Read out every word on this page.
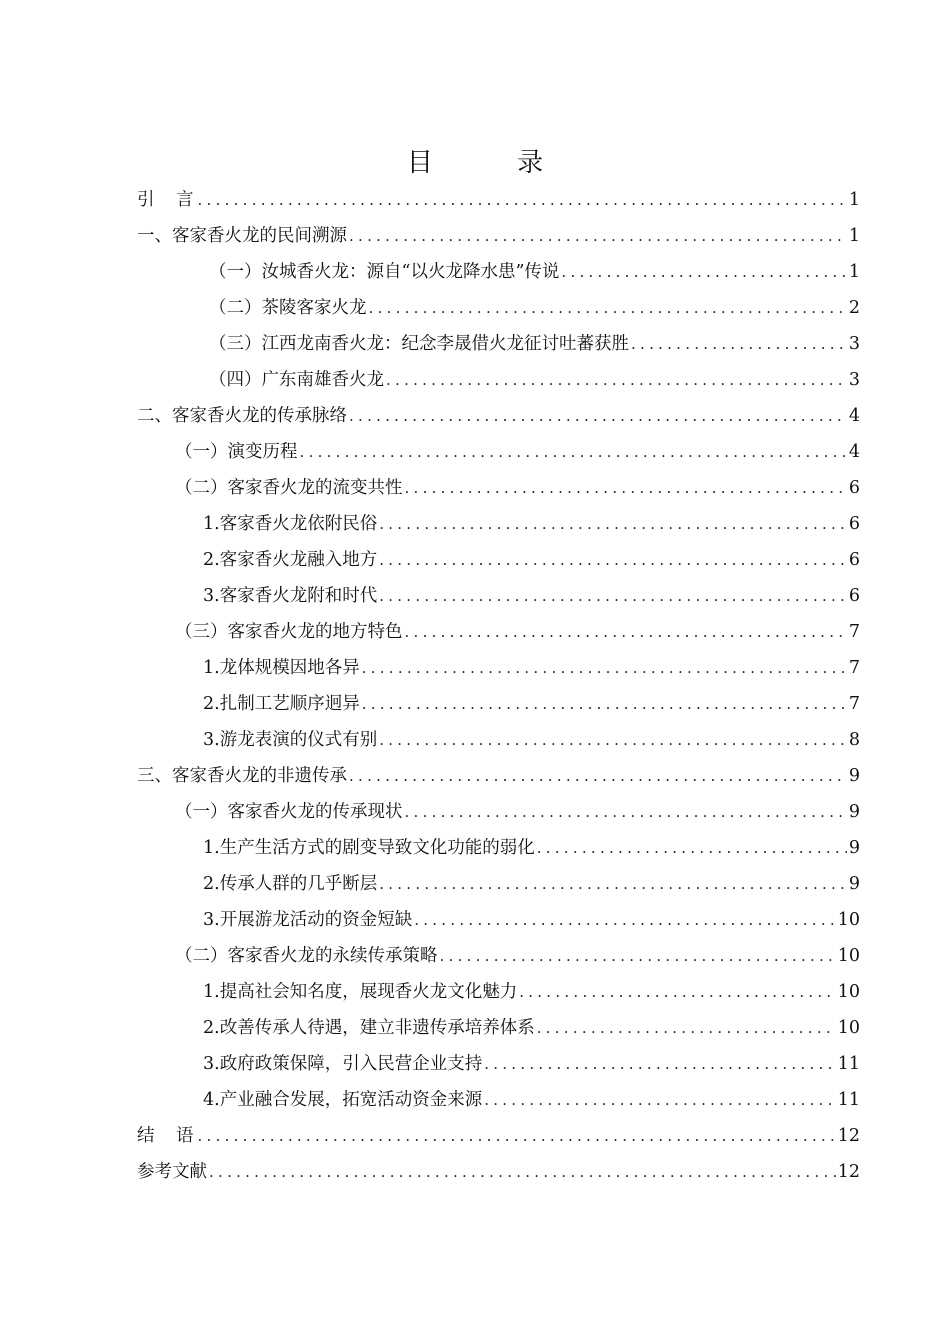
目 录
引　言 . . .	1
一、客家香火龙的民间溯源 . . .	1
（一）汝城香火龙：源自“以火龙降水患”传说 . . .	1
（二）茶陵客家火龙 . . .	2
（三）江西龙南香火龙：纪念李晟借火龙征讨吐蕃获胜 . . .	3
（四）广东南雄香火龙 . . .	3
二、客家香火龙的传承脉络 . . .	4
（一）演变历程 . . .	4
（二）客家香火龙的流变共性 . . .	6
1.客家香火龙依附民俗 . . .	6
2.客家香火龙融入地方 . . .	6
3.客家香火龙附和时代 . . .	6
（三）客家香火龙的地方特色 . . .	7
1.龙体规模因地各异 . . .	7
2.扎制工艺顺序迥异 . . .	7
3.游龙表演的仪式有别 . . .	8
三、客家香火龙的非遗传承 . . .	9
（一）客家香火龙的传承现状 . . .	9
1.生产生活方式的剧变导致文化功能的弱化 . . .	9
2.传承人群的几乎断层 . . .	9
3.开展游龙活动的资金短缺 . . .	10
（二）客家香火龙的永续传承策略 . . .	10
1.提高社会知名度，展现香火龙文化魅力 . . .	10
2.改善传承人待遇，建立非遗传承培养体系 . . .	10
3.政府政策保障，引入民营企业支持 . . .	11
4.产业融合发展，拓宽活动资金来源 . . .	11
结　语 . . .	12
参考文献 . . .	12
